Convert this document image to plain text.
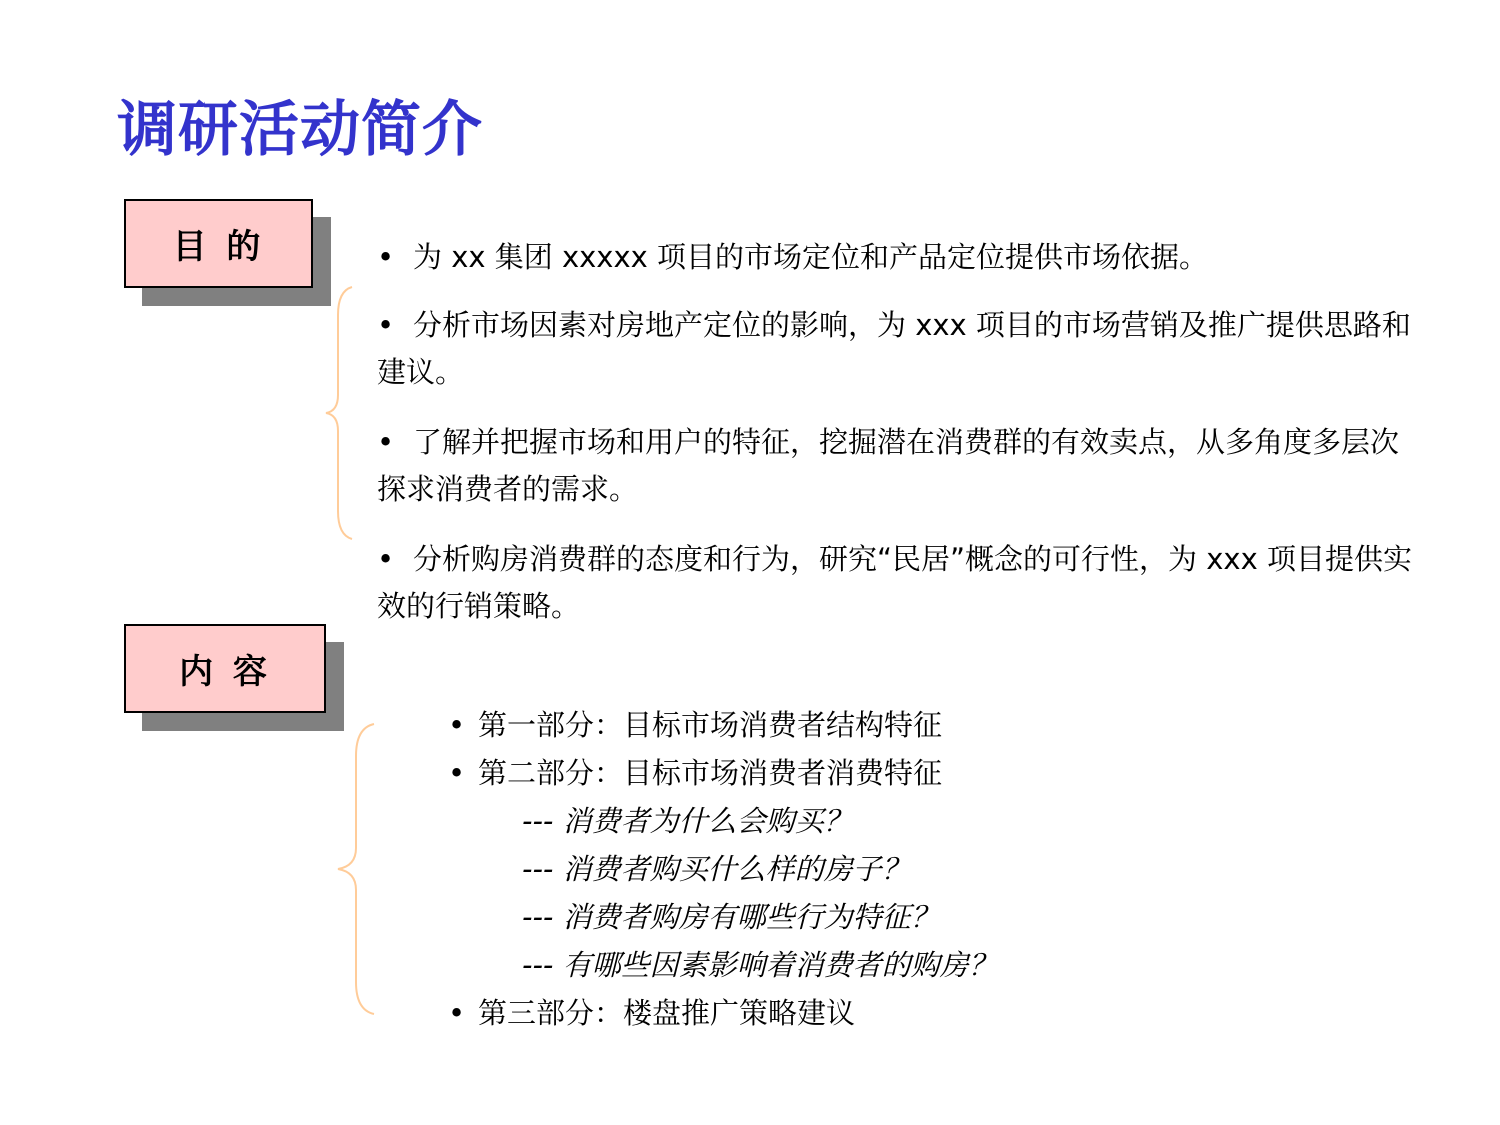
调研活动简介
目 的	• 为 xx 集团 xxxxx 项目的市场定位和产品定位提供市场依据。
• 分析市场因素对房地产定位的影响，为 xxx 项目的市场营销及推广提供思路和建议。
• 了解并把握市场和用户的特征，挖掘潜在消费群的有效卖点，从多角度多层次探求消费者的需求。
• 分析购房消费群的态度和行为，研究“民居”概念的可行性，为 xxx 项目提供实效的行销策略。
内 容
• 第一部分：目标市场消费者结构特征
• 第二部分：目标市场消费者消费特征
--- 消费者为什么会购买？
--- 消费者购买什么样的房子？
--- 消费者购房有哪些行为特征？
--- 有哪些因素影响着消费者的购房？
• 第三部分：楼盘推广策略建议
